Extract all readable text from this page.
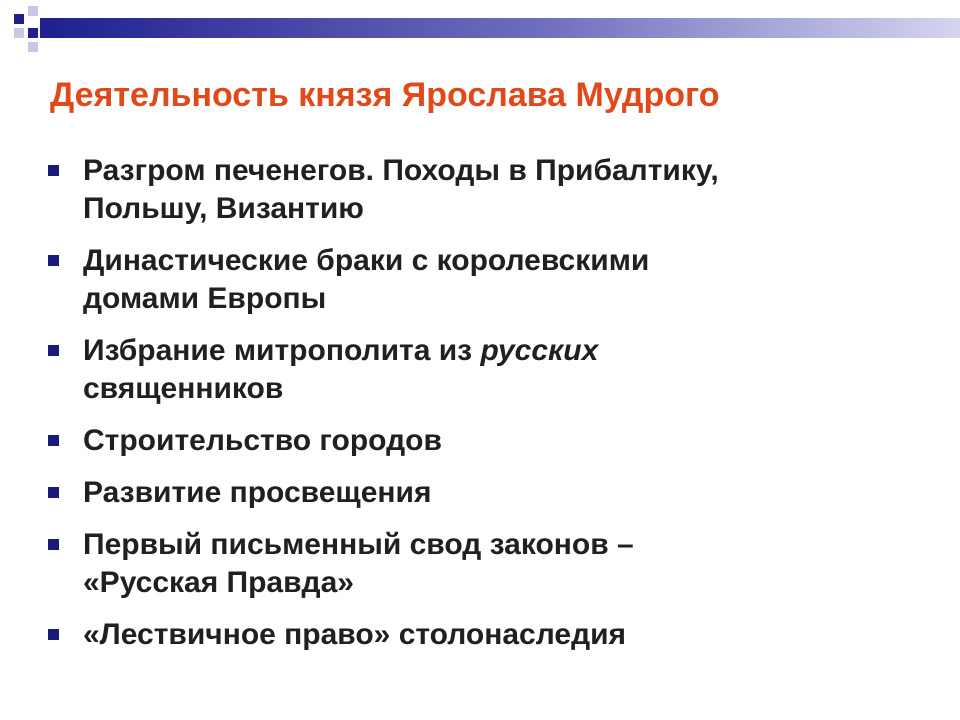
Деятельность князя Ярослава Мудрого
Разгром печенегов. Походы в Прибалтику,
Польшу, Византию
Династические браки с королевскими
домами Европы
Избрание митрополита из русских
священников
Строительство городов
Развитие просвещения
Первый письменный свод законов –
«Русская Правда»
«Лествичное право» столонаследия
